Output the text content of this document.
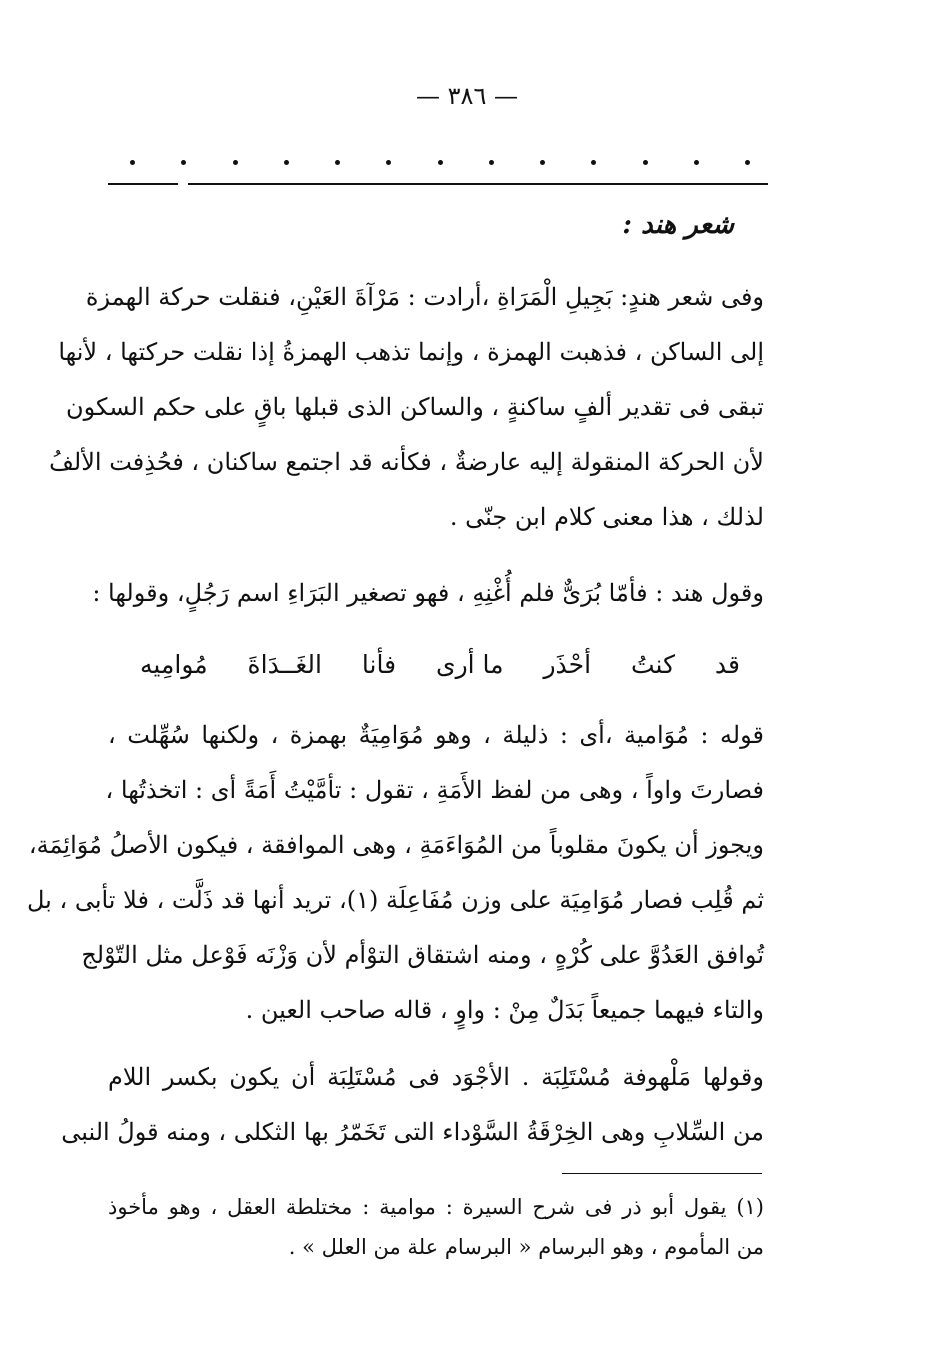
— ٣٨٦ —
شعر هند :
وفى شعر هندٍ: بَجِيلِ الْمَرَاةِ ،أرادت : مَرْآةَ العَيْنِ، فنقلت حركة الهمزة
إلى الساكن ، فذهبت الهمزة ، وإنما تذهب الهمزةُ إذا نقلت حركتها ، لأنها
تبقى فى تقدير ألفٍ ساكنةٍ ، والساكن الذى قبلها باقٍ على حكم السكون
لأن الحركة المنقولة إليه عارضةٌ ، فكأنه قد اجتمع ساكنان ، فحُذِفت الألفُ
لذلك ، هذا معنى كلام ابن جنّى .
وقول هند : فأمّا بُرَىٌّ فلم أُغْنِهِ ، فهو تصغير البَرَاءِ اسم رَجُلٍ، وقولها :
قد
كنتُ
أحْذَر
ما أرى
فأنا
الغَــدَاةَ
مُوامِيه
قوله : مُوَامية ،أى : ذليلة ، وهو مُوَامِيَةٌ بهمزة ، ولكنها سُهِّلت ،
فصارتَ واواً ، وهى من لفظ الأَمَةِ ، تقول : تأمَّيْتُ أَمَةً أى : اتخذتُها ،
ويجوز أن يكونَ مقلوباً من المُوَاءَمَةِ ، وهى الموافقة ، فيكون الأصلُ مُوَائِمَة،
ثم قُلِب فصار مُوَامِيَة على وزن مُفَاعِلَة (١)، تريد أنها قد ذَلَّت ، فلا تأبى ، بل
تُوافق العَدُوَّ على كُرْهٍ ، ومنه اشتقاق التوْأم لأن وَزْنَه فَوْعل مثل التّوْلج
والتاء فيهما جميعاً بَدَلٌ مِنْ : واوٍ ، قاله صاحب العين .
وقولها مَلْهوفة مُسْتَلِبَة . الأجْوَد فى مُسْتَلِبَة أن يكون بكسر اللام
من السِّلابِ وهى الخِرْقَةُ السَّوْداء التى تَخَمّرُ بها الثكلى ، ومنه قولُ النبى
(١) يقول أبو ذر فى شرح السيرة : موامية : مختلطة العقل ، وهو مأخوذ
من المأموم ، وهو البرسام « البرسام علة من العلل » .
